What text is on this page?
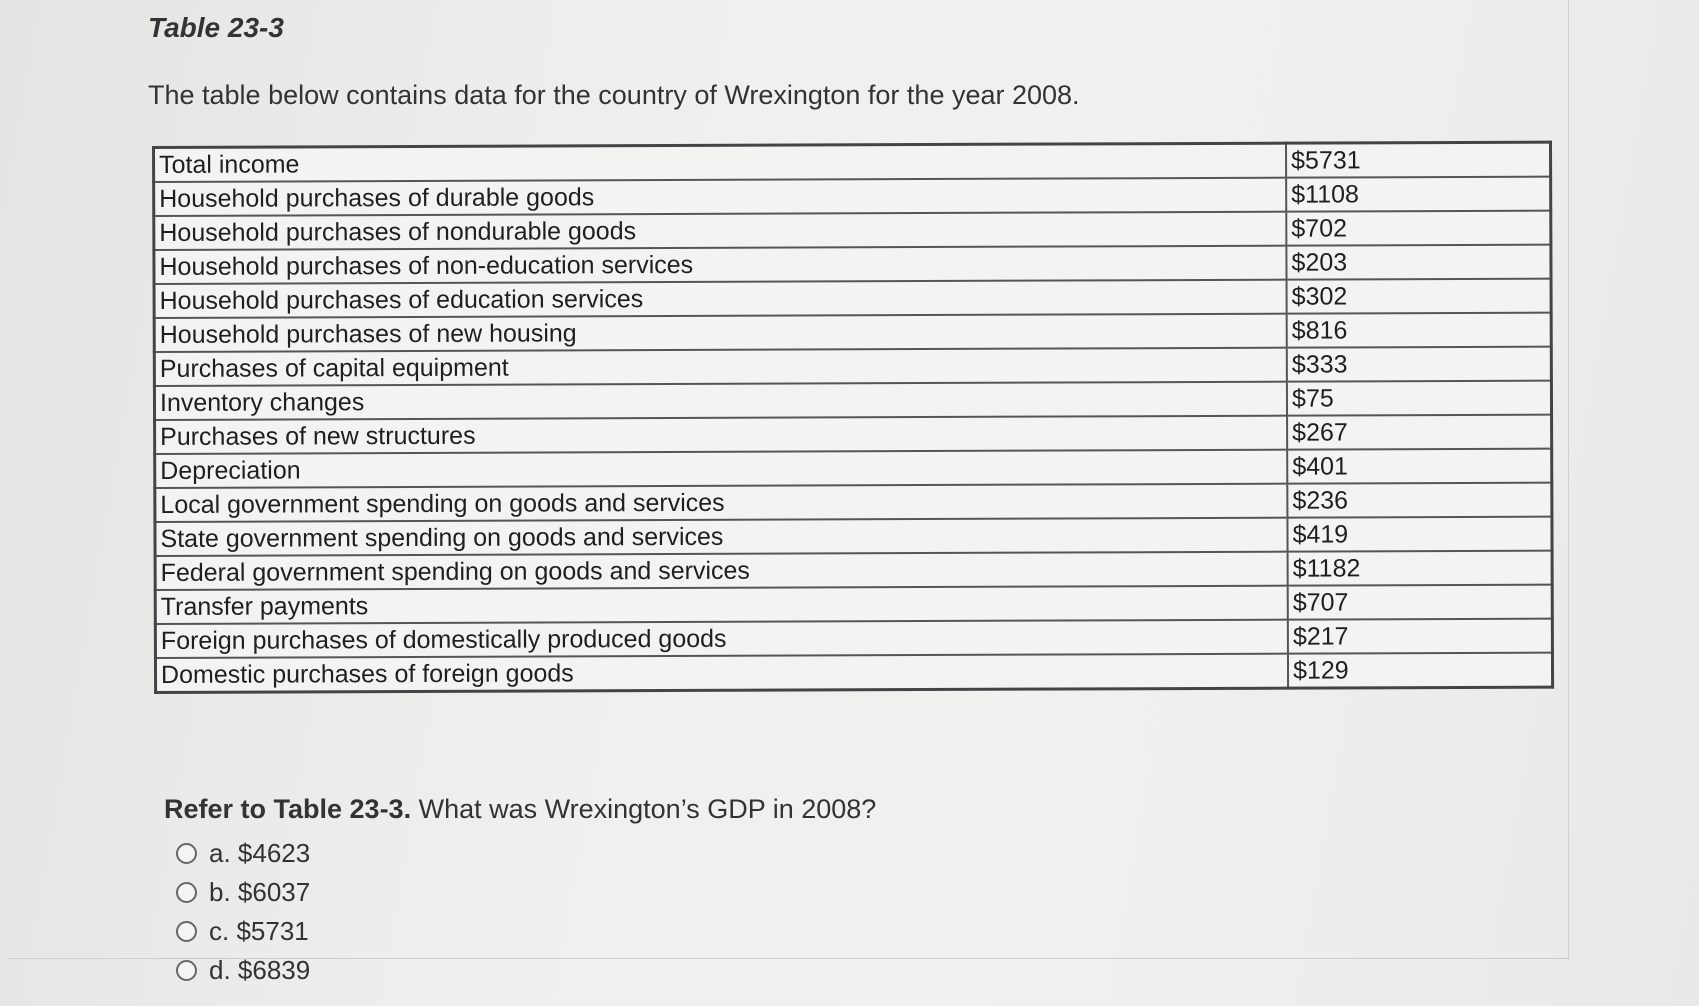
Table 23-3
The table below contains data for the country of Wrexington for the year 2008.
Total income	$5731
Household purchases of durable goods	$1108
Household purchases of nondurable goods	$702
Household purchases of non-education services	$203
Household purchases of education services	$302
Household purchases of new housing	$816
Purchases of capital equipment	$333
Inventory changes	$75
Purchases of new structures	$267
Depreciation	$401
Local government spending on goods and services	$236
State government spending on goods and services	$419
Federal government spending on goods and services	$1182
Transfer payments	$707
Foreign purchases of domestically produced goods	$217
Domestic purchases of foreign goods	$129
Refer to Table 23-3. What was Wrexington’s GDP in 2008?
a. $4623
b. $6037
c. $5731
d. $6839
